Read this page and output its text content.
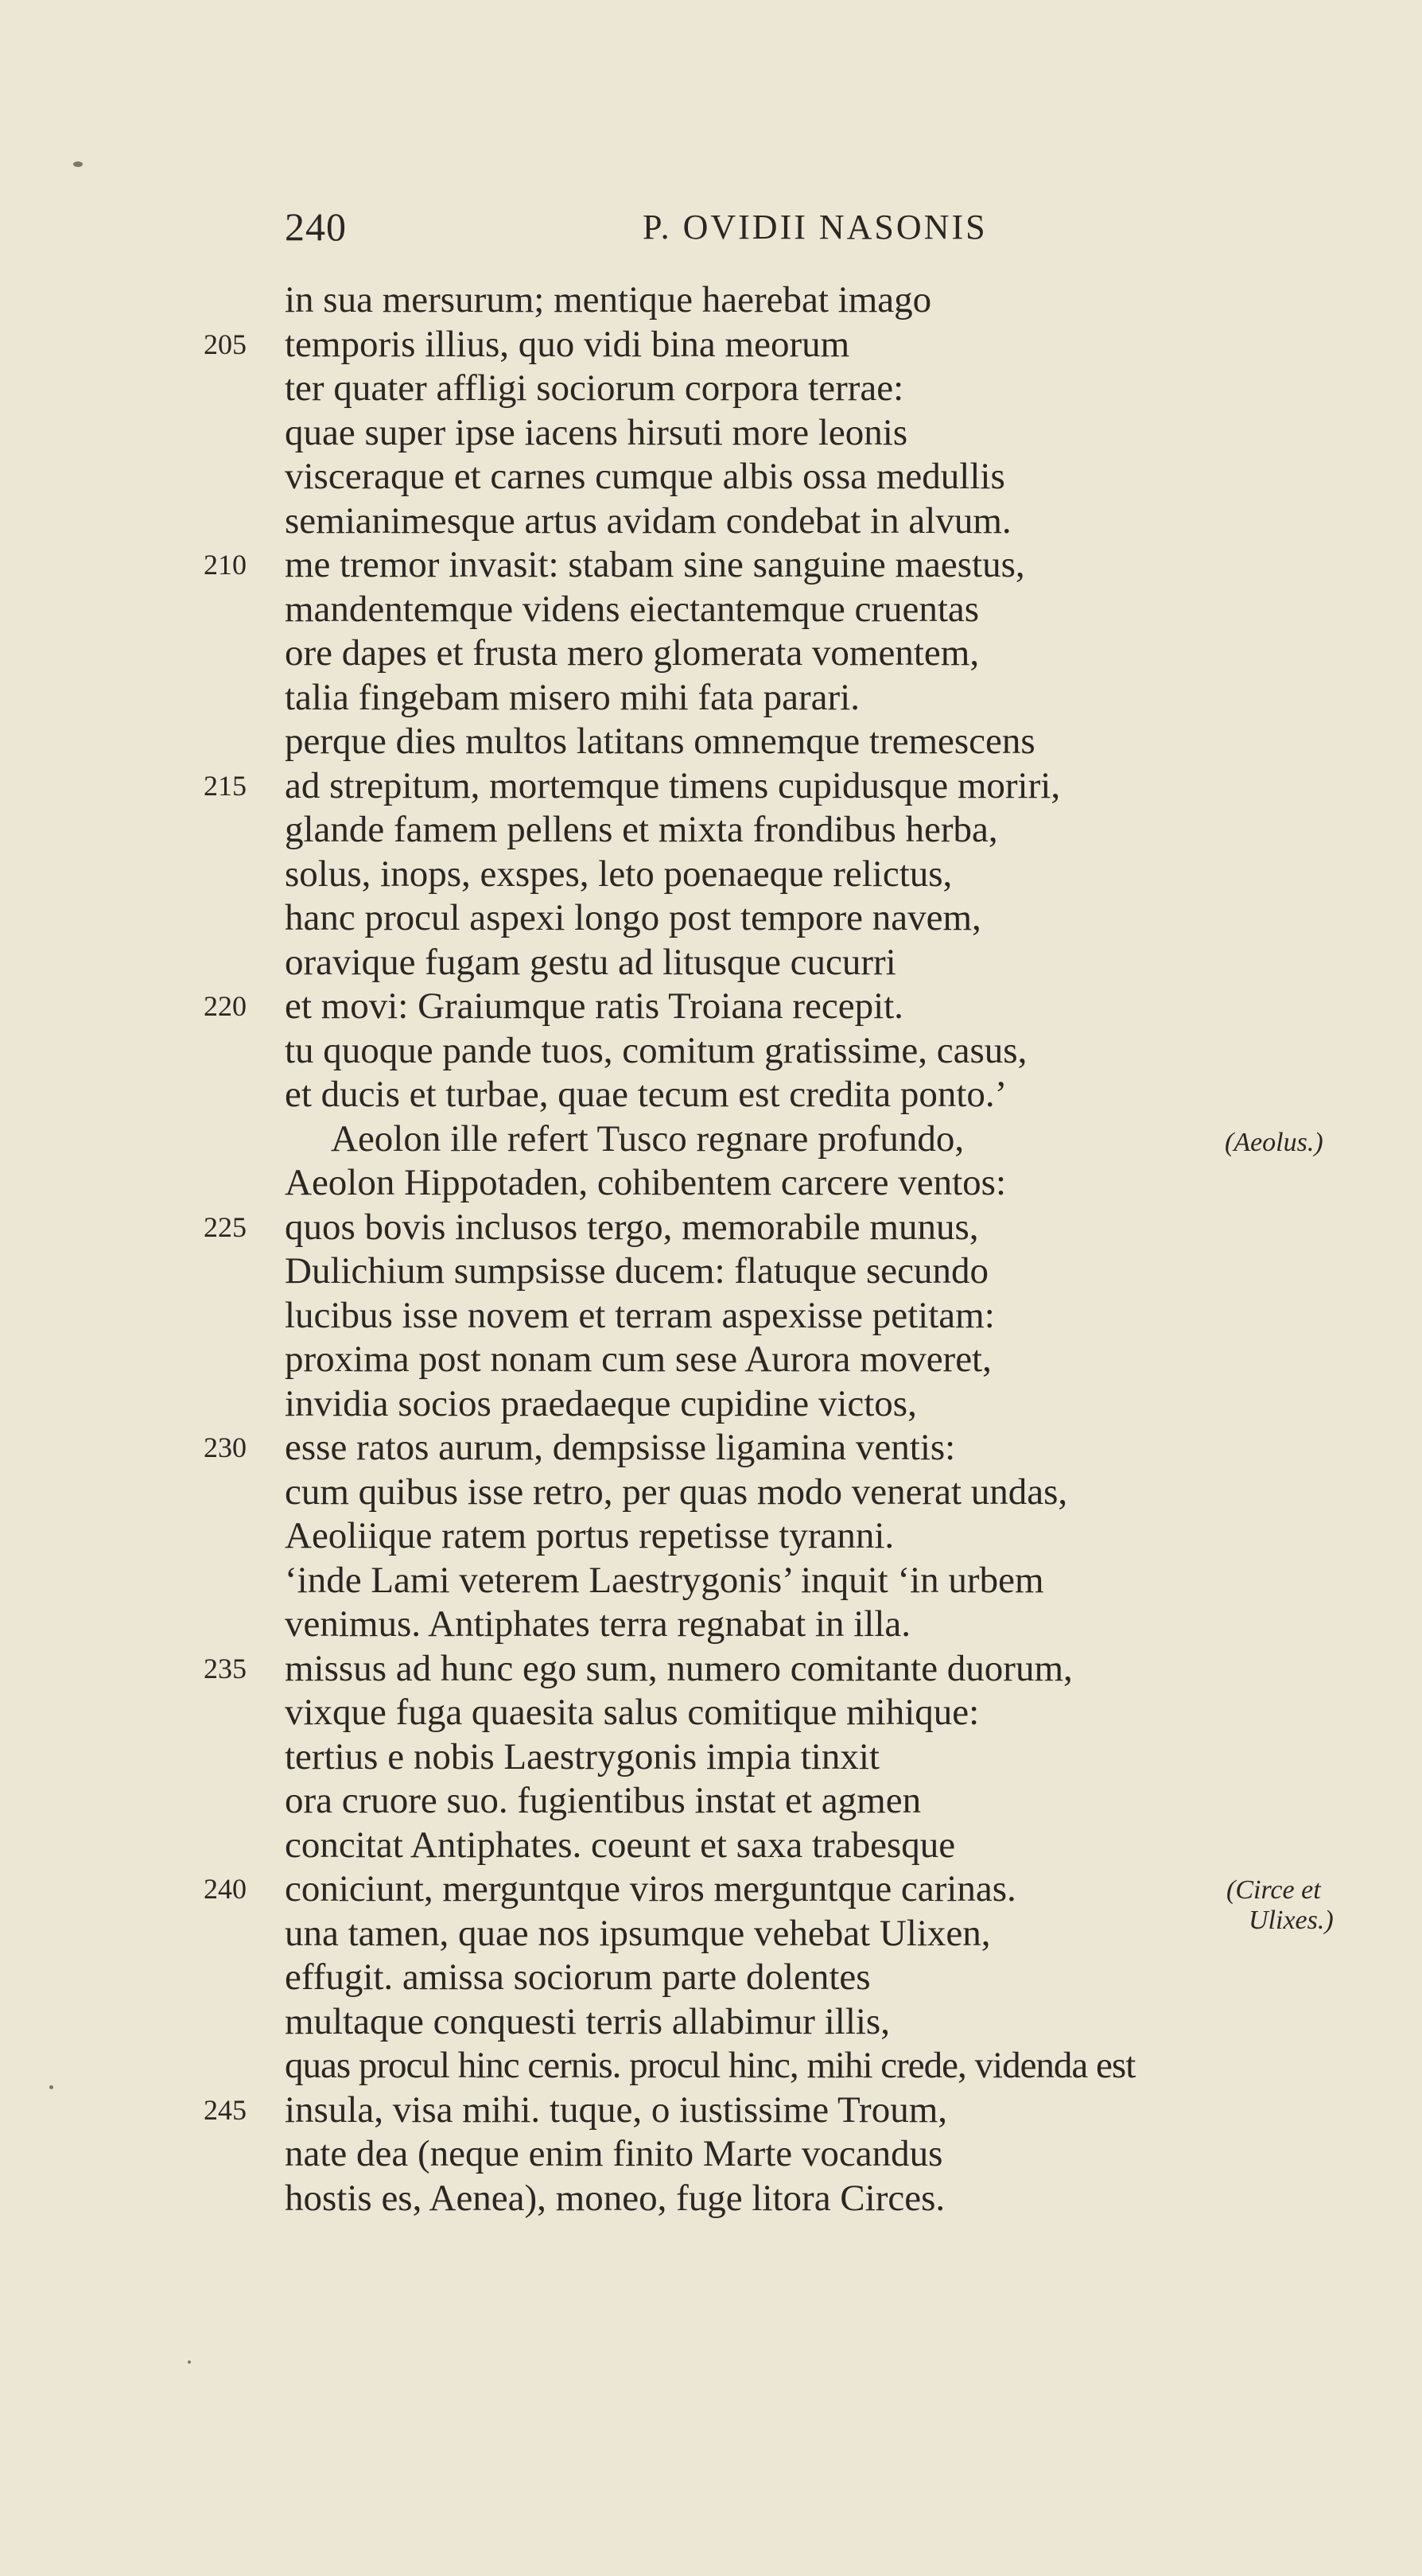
240	P. OVIDII NASONIS
in sua mersurum; mentique haerebat imago
205	temporis illius, quo vidi bina meorum
ter quater affligi sociorum corpora terrae:
quae super ipse iacens hirsuti more leonis
visceraque et carnes cumque albis ossa medullis
semianimesque artus avidam condebat in alvum.
210	me tremor invasit: stabam sine sanguine maestus,
mandentemque videns eiectantemque cruentas
ore dapes et frusta mero glomerata vomentem,
talia fingebam misero mihi fata parari.
perque dies multos latitans omnemque tremescens
215	ad strepitum, mortemque timens cupidusque moriri,
glande famem pellens et mixta frondibus herba,
solus, inops, exspes, leto poenaeque relictus,
hanc procul aspexi longo post tempore navem,
oravique fugam gestu ad litusque cucurri
220	et movi: Graiumque ratis Troiana recepit.
tu quoque pande tuos, comitum gratissime, casus,
et ducis et turbae, quae tecum est credita ponto.’
Aeolon ille refert Tusco regnare profundo,
Aeolon Hippotaden, cohibentem carcere ventos:
225	quos bovis inclusos tergo, memorabile munus,
Dulichium sumpsisse ducem: flatuque secundo
lucibus isse novem et terram aspexisse petitam:
proxima post nonam cum sese Aurora moveret,
invidia socios praedaeque cupidine victos,
230	esse ratos aurum, dempsisse ligamina ventis:
cum quibus isse retro, per quas modo venerat undas,
Aeoliique ratem portus repetisse tyranni.
‘inde Lami veterem Laestrygonis’ inquit ‘in urbem
venimus. Antiphates terra regnabat in illa.
235	missus ad hunc ego sum, numero comitante duorum,
vixque fuga quaesita salus comitique mihique:
tertius e nobis Laestrygonis impia tinxit
ora cruore suo. fugientibus instat et agmen
concitat Antiphates. coeunt et saxa trabesque
240	coniciunt, merguntque viros merguntque carinas.
una tamen, quae nos ipsumque vehebat Ulixen,
effugit. amissa sociorum parte dolentes
multaque conquesti terris allabimur illis,
quas procul hinc cernis. procul hinc, mihi crede, videnda est
245	insula, visa mihi. tuque, o iustissime Troum,
nate dea (neque enim finito Marte vocandus
hostis es, Aenea), moneo, fuge litora Circes.
(Aeolus.)
(Circe et
Ulixes.)
